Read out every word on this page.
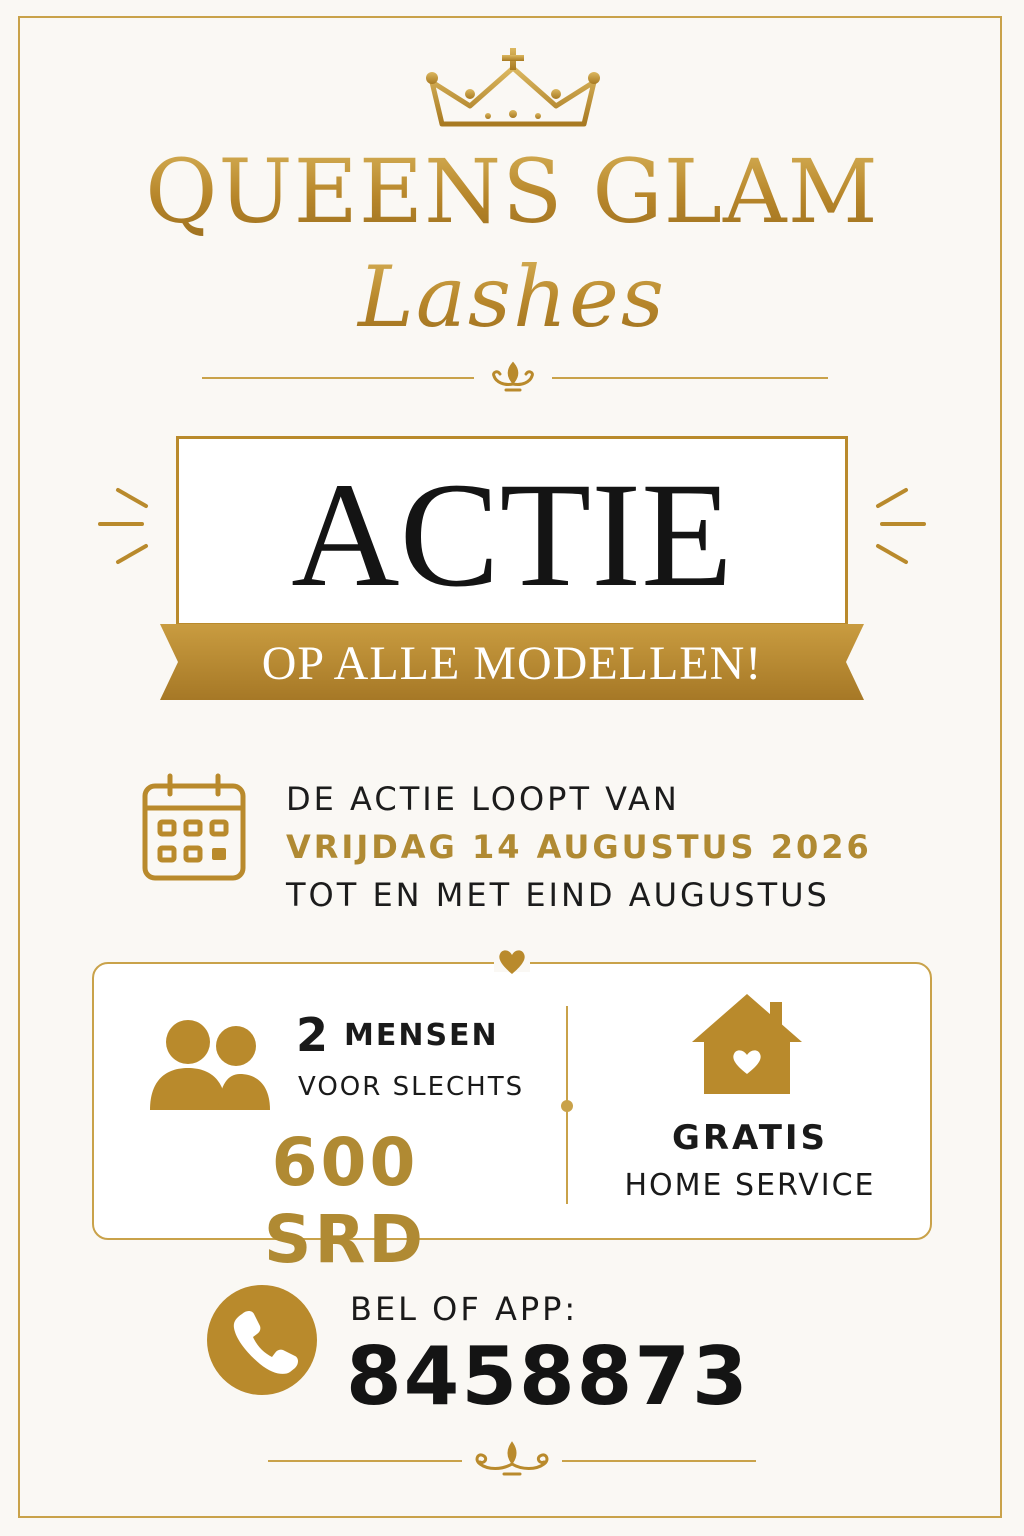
QUEENS GLAM
Lashes
ACTIE
OP ALLE MODELLEN!
DE ACTIE LOOPT VAN
VRIJDAG 14 AUGUSTUS 2026
TOT EN MET EIND AUGUSTUS
2 MENSEN
VOOR SLECHTS
600 SRD
GRATIS
HOME SERVICE
BEL OF APP:
8458873
